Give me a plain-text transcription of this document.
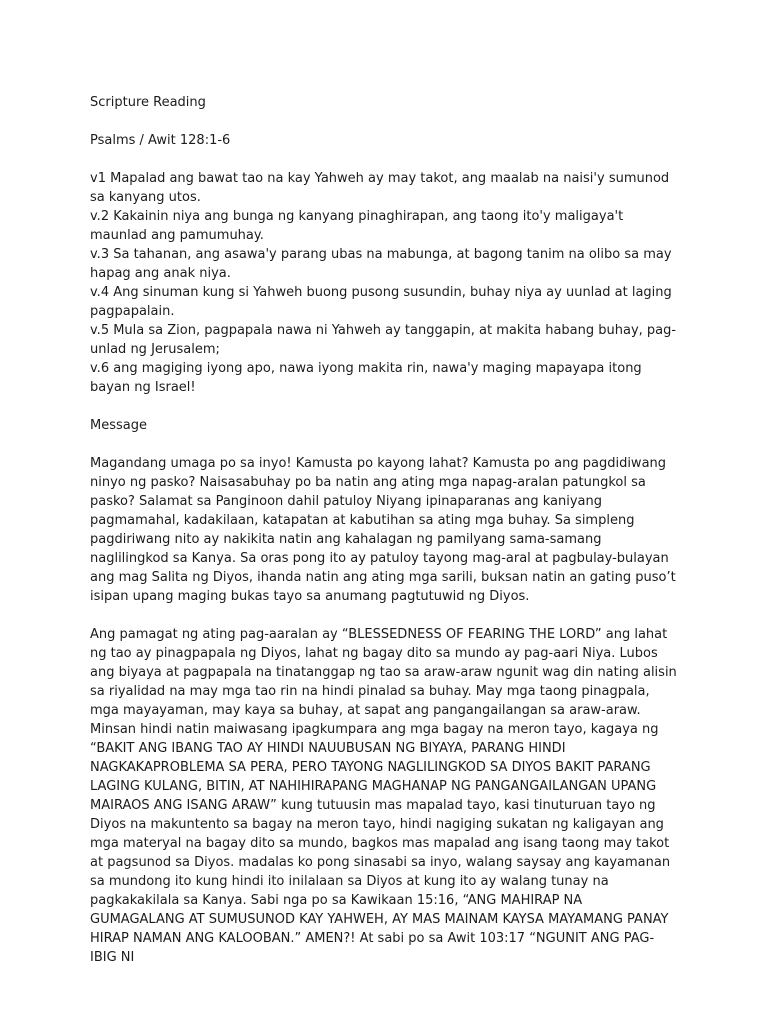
Scripture Reading

Psalms / Awit 128:1-6

v1 Mapalad ang bawat tao na kay Yahweh ay may takot, ang maalab na naisi'y sumunod sa kanyang utos.

v.2 Kakainin niya ang bunga ng kanyang pinaghirapan, ang taong ito'y maligaya't maunlad ang pamumuhay.

v.3 Sa tahanan, ang asawa'y parang ubas na mabunga, at bagong tanim na olibo sa may hapag ang anak niya.

v.4 Ang sinuman kung si Yahweh buong pusong susundin, buhay niya ay uunlad at laging pagpapalain.

v.5 Mula sa Zion, pagpapala nawa ni Yahweh ay tanggapin, at makita habang buhay, pag-unlad ng Jerusalem;

v.6 ang magiging iyong apo, nawa iyong makita rin, nawa'y maging mapayapa itong bayan ng Israel!

Message

Magandang umaga po sa inyo! Kamusta po kayong lahat? Kamusta po ang pagdidiwang ninyo ng pasko? Naisasabuhay po ba natin ang ating mga napag-aralan patungkol sa pasko? Salamat sa Panginoon dahil patuloy Niyang ipinaparanas ang kaniyang pagmamahal, kadakilaan, katapatan at kabutihan sa ating mga buhay. Sa simpleng pagdiriwang nito ay nakikita natin ang kahalagan ng pamilyang sama-samang naglilingkod sa Kanya. Sa oras pong ito ay patuloy tayong mag-aral at pagbulay-bulayan ang mag Salita ng Diyos, ihanda natin ang ating mga sarili, buksan natin an gating puso’t isipan upang maging bukas tayo sa anumang pagtutuwid ng Diyos.

Ang pamagat ng ating pag-aaralan ay “BLESSEDNESS OF FEARING THE LORD” ang lahat ng tao ay pinagpapala ng Diyos, lahat ng bagay dito sa mundo ay pag-aari Niya. Lubos ang biyaya at pagpapala na tinatanggap ng tao sa araw-araw ngunit wag din nating alisin sa riyalidad na may mga tao rin na hindi pinalad sa buhay. May mga taong pinagpala, mga mayayaman, may kaya sa buhay, at sapat ang pangangailangan sa araw-araw. Minsan hindi natin maiwasang ipagkumpara ang mga bagay na meron tayo, kagaya ng “BAKIT ANG IBANG TAO AY HINDI NAUUBUSAN NG BIYAYA, PARANG HINDI NAGKAKAPROBLEMA SA PERA, PERO TAYONG NAGLILINGKOD SA DIYOS BAKIT PARANG LAGING KULANG, BITIN, AT NAHIHIRAPANG MAGHANAP NG PANGANGAILANGAN UPANG MAIRAOS ANG ISANG ARAW” kung tutuusin mas mapalad tayo, kasi tinuturuan tayo ng Diyos na makuntento sa bagay na meron tayo, hindi nagiging sukatan ng kaligayan ang mga materyal na bagay dito sa mundo, bagkos mas mapalad ang isang taong may takot at pagsunod sa Diyos. madalas ko pong sinasabi sa inyo, walang saysay ang kayamanan sa mundong ito kung hindi ito inilalaan sa Diyos at kung ito ay walang tunay na pagkakakilala sa Kanya. Sabi nga po sa Kawikaan 15:16, “ANG MAHIRAP NA GUMAGALANG AT SUMUSUNOD KAY YAHWEH, AY MAS MAINAM KAYSA MAYAMANG PANAY HIRAP NAMAN ANG KALOOBAN.” AMEN?! At sabi po sa Awit 103:17 “NGUNIT ANG PAG-IBIG NI
